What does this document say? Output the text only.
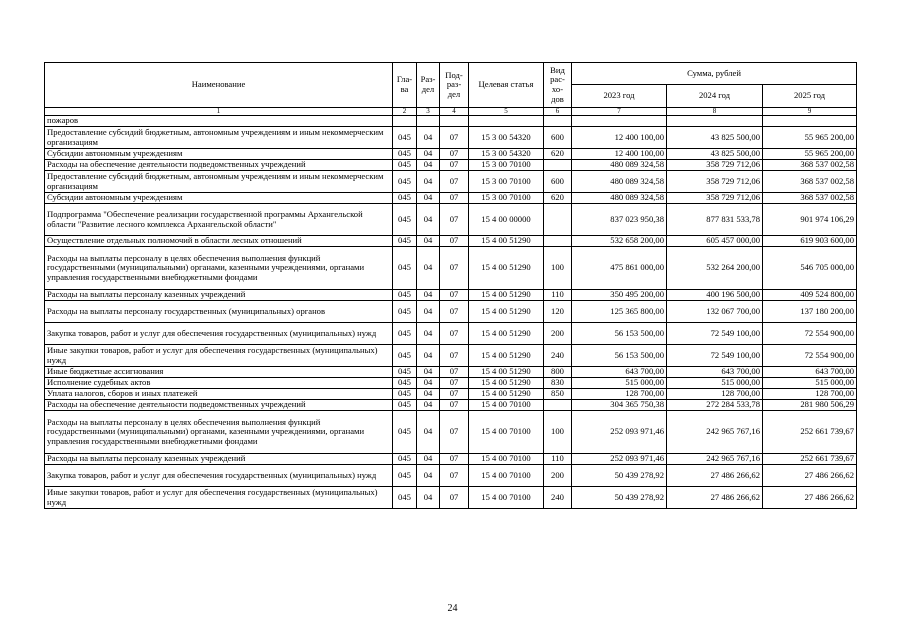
Наименование	Гла-ва	Раз-дел	Под-раз-дел	Целевая статья	Вид рас-хо-дов	Сумма, рублей		
						2023 год	2024 год	2025 год
1	2	3	4	5	6	7	8	9
пожаров								
Предоставление субсидий бюджетным, автономным учреждениям и иным некоммерческим организациям	045	04	07	15 3 00 54320	600	12 400 100,00	43 825 500,00	55 965 200,00
Субсидии автономным учреждениям	045	04	07	15 3 00 54320	620	12 400 100,00	43 825 500,00	55 965 200,00
Расходы на обеспечение деятельности подведомственных учреждений	045	04	07	15 3 00 70100		480 089 324,58	358 729 712,06	368 537 002,58
Предоставление субсидий бюджетным, автономным учреждениям и иным некоммерческим организациям	045	04	07	15 3 00 70100	600	480 089 324,58	358 729 712,06	368 537 002,58
Субсидии автономным учреждениям	045	04	07	15 3 00 70100	620	480 089 324,58	358 729 712,06	368 537 002,58
Подпрограмма "Обеспечение реализации государственной программы Архангельской области "Развитие лесного комплекса Архангельской области"	045	04	07	15 4 00 00000		837 023 950,38	877 831 533,78	901 974 106,29
Осуществление отдельных полномочий в области лесных отношений	045	04	07	15 4 00 51290		532 658 200,00	605 457 000,00	619 903 600,00
Расходы на выплаты персоналу в целях обеспечения выполнения функций государственными (муниципальными) органами, казенными учреждениями, органами управления государственными внебюджетными фондами	045	04	07	15 4 00 51290	100	475 861 000,00	532 264 200,00	546 705 000,00
Расходы на выплаты персоналу казенных учреждений	045	04	07	15 4 00 51290	110	350 495 200,00	400 196 500,00	409 524 800,00
Расходы на выплаты персоналу государственных (муниципальных) органов	045	04	07	15 4 00 51290	120	125 365 800,00	132 067 700,00	137 180 200,00
Закупка товаров, работ и услуг для обеспечения государственных (муниципальных) нужд	045	04	07	15 4 00 51290	200	56 153 500,00	72 549 100,00	72 554 900,00
Иные закупки товаров, работ и услуг для обеспечения государственных (муниципальных) нужд	045	04	07	15 4 00 51290	240	56 153 500,00	72 549 100,00	72 554 900,00
Иные бюджетные ассигнования	045	04	07	15 4 00 51290	800	643 700,00	643 700,00	643 700,00
Исполнение судебных актов	045	04	07	15 4 00 51290	830	515 000,00	515 000,00	515 000,00
Уплата налогов, сборов и иных платежей	045	04	07	15 4 00 51290	850	128 700,00	128 700,00	128 700,00
Расходы на обеспечение деятельности подведомственных учреждений	045	04	07	15 4 00 70100		304 365 750,38	272 284 533,78	281 980 506,29
Расходы на выплаты персоналу в целях обеспечения выполнения функций государственными (муниципальными) органами, казенными учреждениями, органами управления государственными внебюджетными фондами	045	04	07	15 4 00 70100	100	252 093 971,46	242 965 767,16	252 661 739,67
Расходы на выплаты персоналу казенных учреждений	045	04	07	15 4 00 70100	110	252 093 971,46	242 965 767,16	252 661 739,67
Закупка товаров, работ и услуг для обеспечения государственных (муниципальных) нужд	045	04	07	15 4 00 70100	200	50 439 278,92	27 486 266,62	27 486 266,62
Иные закупки товаров, работ и услуг для обеспечения государственных (муниципальных) нужд	045	04	07	15 4 00 70100	240	50 439 278,92	27 486 266,62	27 486 266,62
24
